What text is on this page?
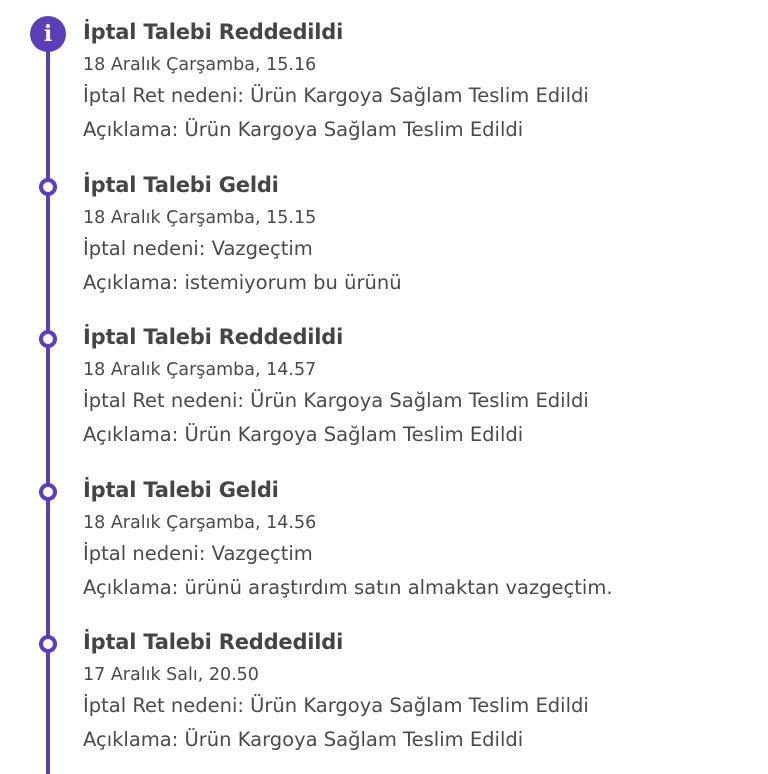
i	İptal Talebi Reddedildi
18 Aralık Çarşamba, 15.16
İptal Ret nedeni: Ürün Kargoya Sağlam Teslim Edildi
Açıklama: Ürün Kargoya Sağlam Teslim Edildi
İptal Talebi Geldi
18 Aralık Çarşamba, 15.15
İptal nedeni: Vazgeçtim
Açıklama: istemiyorum bu ürünü
İptal Talebi Reddedildi
18 Aralık Çarşamba, 14.57
İptal Ret nedeni: Ürün Kargoya Sağlam Teslim Edildi
Açıklama: Ürün Kargoya Sağlam Teslim Edildi
İptal Talebi Geldi
18 Aralık Çarşamba, 14.56
İptal nedeni: Vazgeçtim
Açıklama: ürünü araştırdım satın almaktan vazgeçtim.
İptal Talebi Reddedildi
17 Aralık Salı, 20.50
İptal Ret nedeni: Ürün Kargoya Sağlam Teslim Edildi
Açıklama: Ürün Kargoya Sağlam Teslim Edildi
